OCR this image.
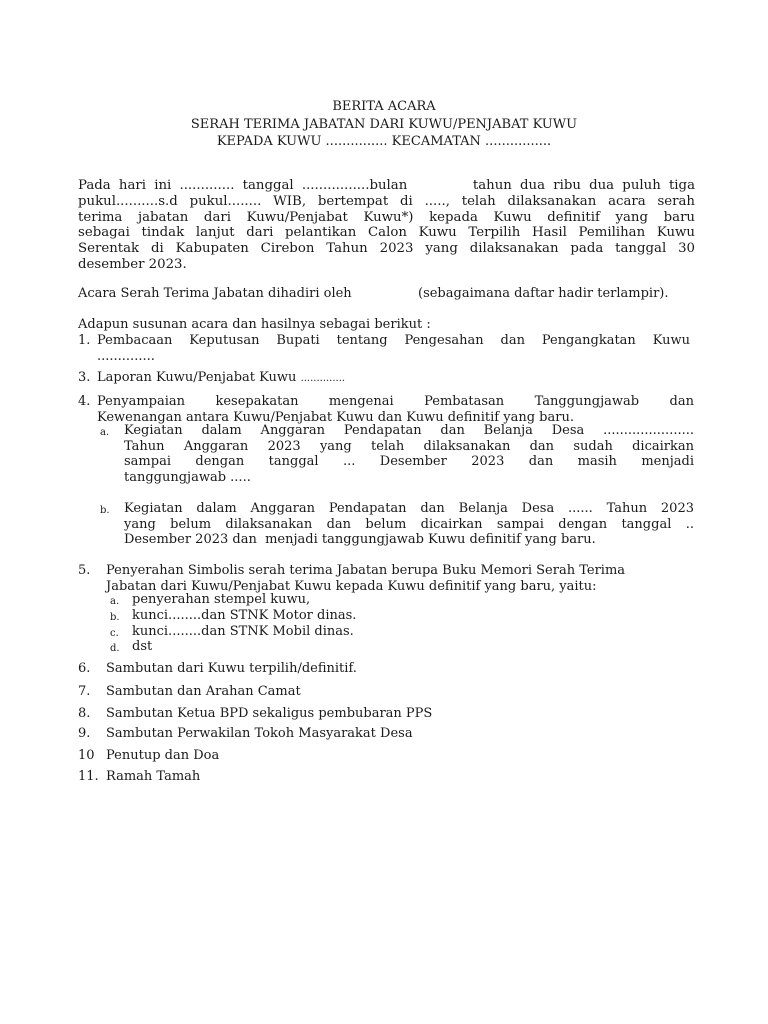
BERITA ACARA
SERAH TERIMA JABATAN DARI KUWU/PENJABAT KUWU
KEPADA KUWU ............... KECAMATAN ................
Pada hari ini ............. tanggal ................bulan        tahun dua ribu dua puluh tiga
pukul..........s.d pukul........ WIB, bertempat di ....., telah dilaksanakan acara serah
terima jabatan dari Kuwu/Penjabat Kuwu*) kepada Kuwu definitif yang baru
sebagai tindak lanjut dari pelantikan Calon Kuwu Terpilih Hasil Pemilihan Kuwu
Serentak di Kabupaten Cirebon Tahun 2023 yang dilaksanakan pada tanggal 30
desember 2023.
Acara Serah Terima Jabatan dihadiri oleh	(sebagaimana daftar hadir terlampir).
Adapun susunan acara dan hasilnya sebagai berikut :
1. Pembacaan Keputusan Bupati tentang Pengesahan dan Pengangkatan Kuwu
..............
3. Laporan Kuwu/Penjabat Kuwu ..............
4. Penyampaian kesepakatan mengenai Pembatasan Tanggungjawab dan
Kewenangan antara Kuwu/Penjabat Kuwu dan Kuwu definitif yang baru.
a. Kegiatan dalam Anggaran Pendapatan dan Belanja Desa ......................
Tahun Anggaran 2023 yang telah dilaksanakan dan sudah dicairkan
sampai dengan tanggal ... Desember 2023 dan masih menjadi
tanggungjawab .....
b. Kegiatan dalam Anggaran Pendapatan dan Belanja Desa ...... Tahun 2023
yang belum dilaksanakan dan belum dicairkan sampai dengan tanggal ..
Desember 2023 dan  menjadi tanggungjawab Kuwu definitif yang baru.
5. Penyerahan Simbolis serah terima Jabatan berupa Buku Memori Serah Terima
Jabatan dari Kuwu/Penjabat Kuwu kepada Kuwu definitif yang baru, yaitu:
a. penyerahan stempel kuwu,
b. kunci........dan STNK Motor dinas.
c. kunci........dan STNK Mobil dinas.
d. dst
6. Sambutan dari Kuwu terpilih/definitif.
7. Sambutan dan Arahan Camat
8. Sambutan Ketua BPD sekaligus pembubaran PPS
9. Sambutan Perwakilan Tokoh Masyarakat Desa
10 Penutup dan Doa
11. Ramah Tamah
